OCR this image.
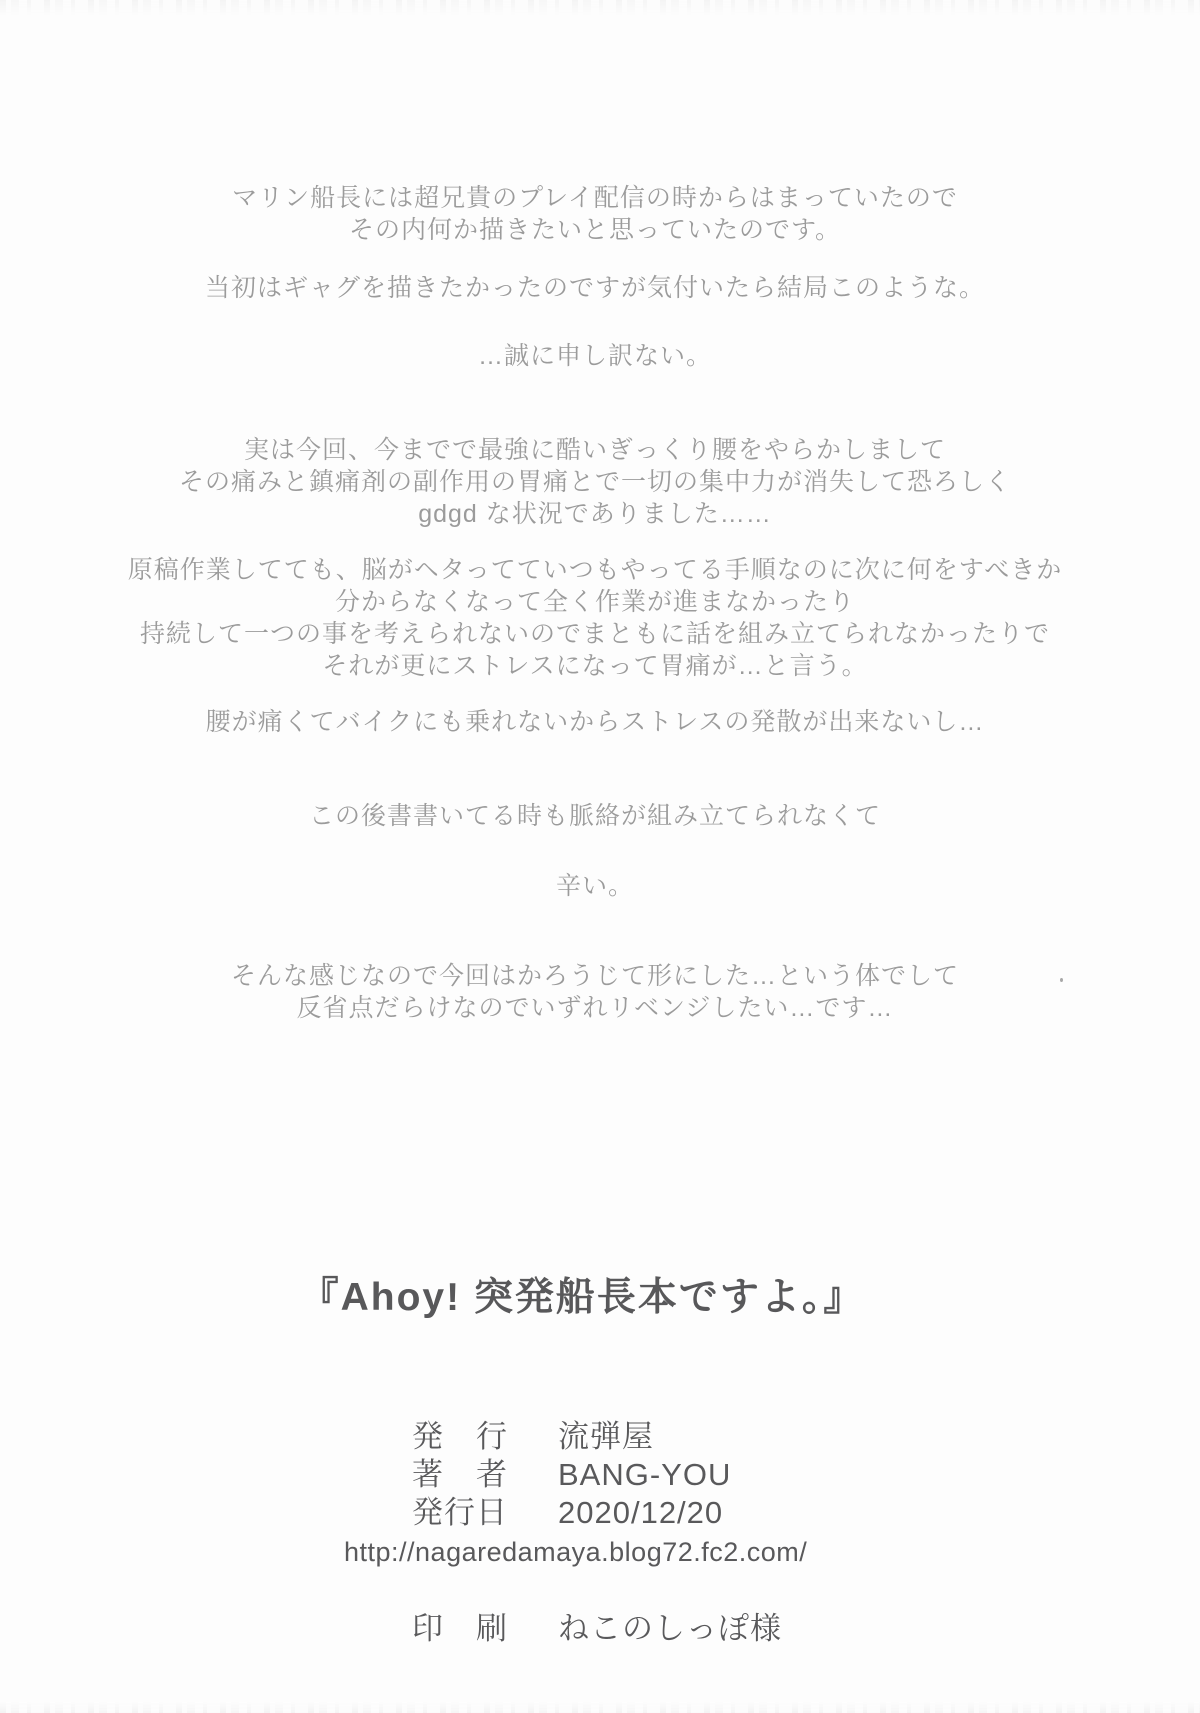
マリン船長には超兄貴のプレイ配信の時からはまっていたので
その内何か描きたいと思っていたのです。
当初はギャグを描きたかったのですが気付いたら結局このような。
…誠に申し訳ない。
実は今回、今までで最強に酷いぎっくり腰をやらかしまして
その痛みと鎮痛剤の副作用の胃痛とで一切の集中力が消失して恐ろしく
gdgd な状況でありました……
原稿作業してても、脳がヘタってていつもやってる手順なのに次に何をすべきか
分からなくなって全く作業が進まなかったり
持続して一つの事を考えられないのでまともに話を組み立てられなかったりで
それが更にストレスになって胃痛が…と言う。
腰が痛くてバイクにも乗れないからストレスの発散が出来ないし…
この後書書いてる時も脈絡が組み立てられなくて
辛い。
そんな感じなので今回はかろうじて形にした…という体でして
反省点だらけなのでいずれリベンジしたい…です…
『Ahoy! 突発船長本ですよ。』
発　行	流弾屋
著　者	BANG-YOU
発行日	2020/12/20
http://nagaredamaya.blog72.fc2.com/
印　刷	ねこのしっぽ様
